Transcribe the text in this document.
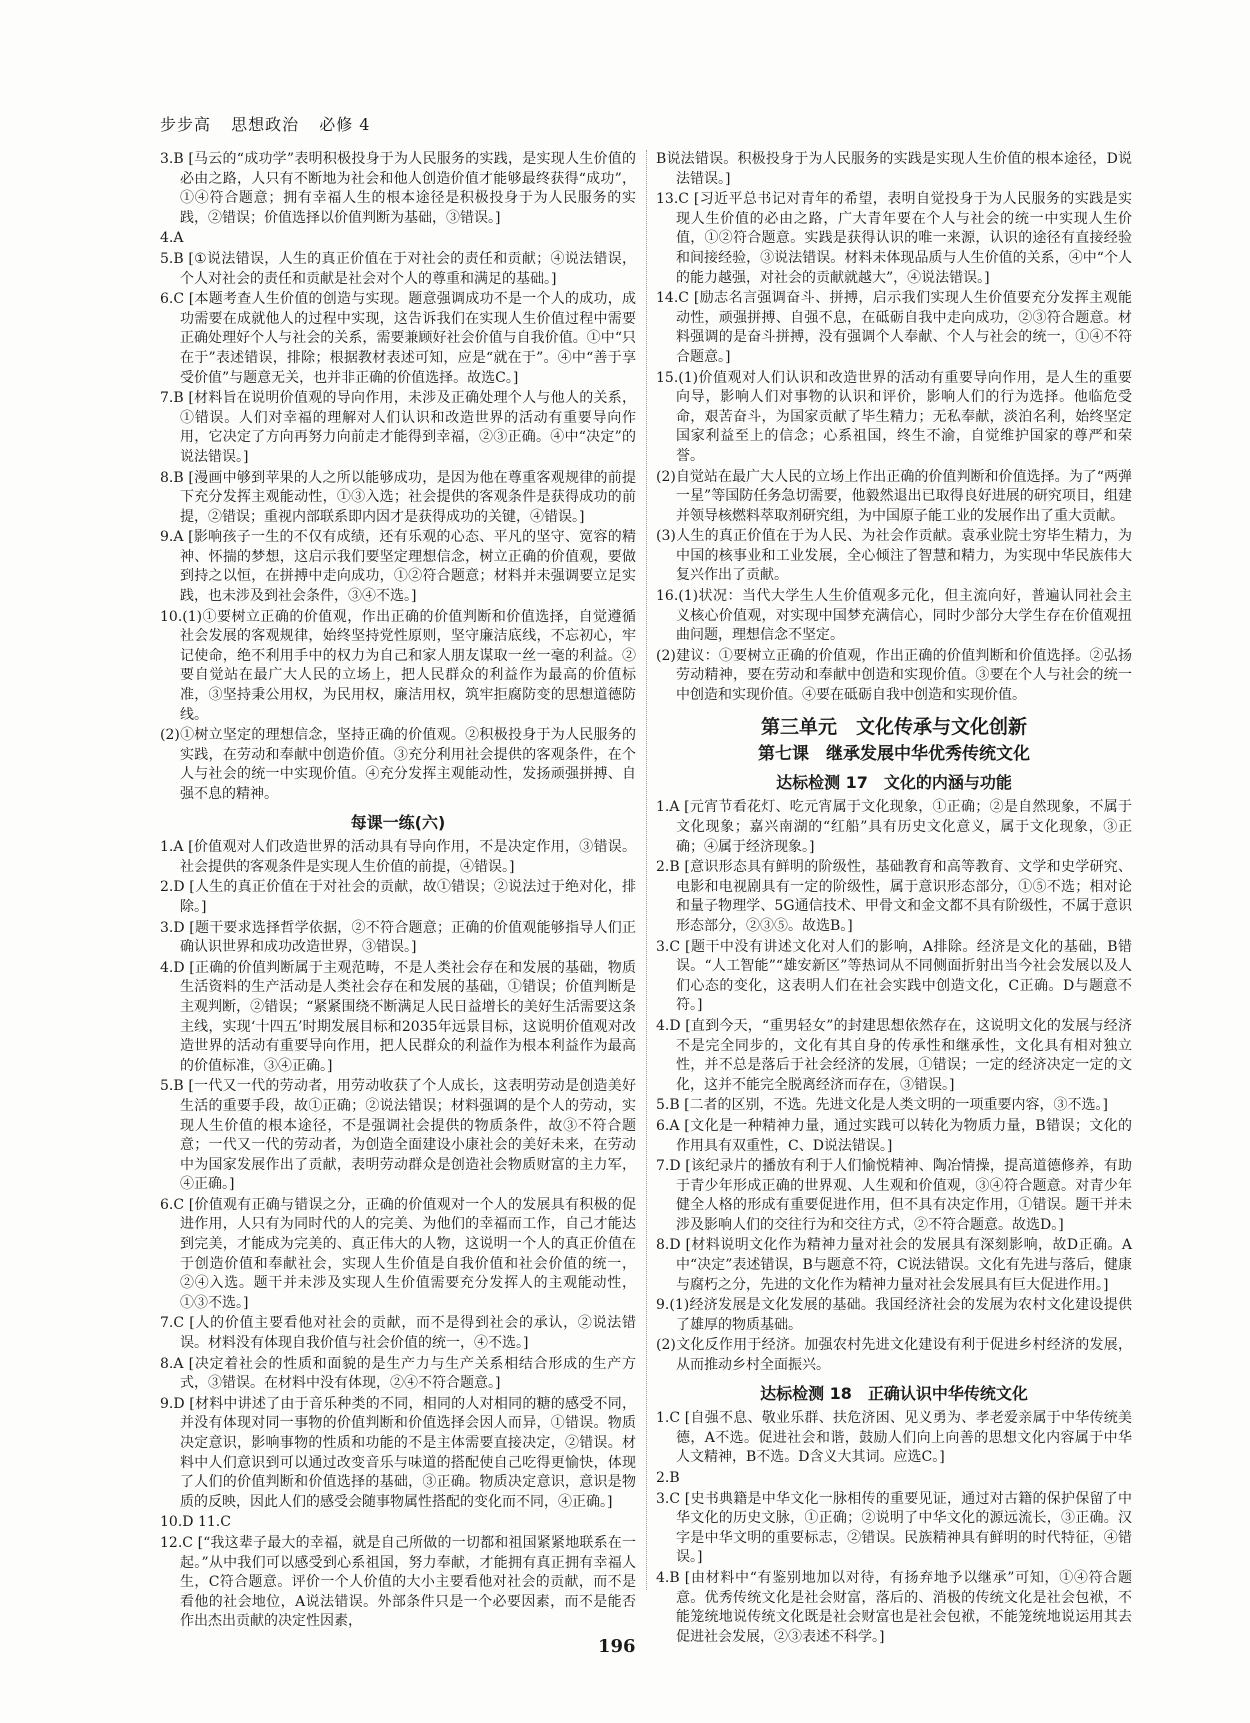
步步高 思想政治 必修 4
3.B [马云的“成功学”表明积极投身于为人民服务的实践，是实现人生价值的必由之路，人只有不断地为社会和他人创造价值才能够最终获得“成功”，①④符合题意；拥有幸福人生的根本途径是积极投身于为人民服务的实践，②错误；价值选择以价值判断为基础，③错误。]
4.A
5.B [①说法错误，人生的真正价值在于对社会的责任和贡献；④说法错误，个人对社会的责任和贡献是社会对个人的尊重和满足的基础。]
6.C [本题考查人生价值的创造与实现。题意强调成功不是一个人的成功，成功需要在成就他人的过程中实现，这告诉我们在实现人生价值过程中需要正确处理好个人与社会的关系，需要兼顾好社会价值与自我价值。①中“只在于”表述错误，排除；根据教材表述可知，应是“就在于”。④中“善于享受价值”与题意无关，也并非正确的价值选择。故选C。]
7.B [材料旨在说明价值观的导向作用，未涉及正确处理个人与他人的关系，①错误。人们对幸福的理解对人们认识和改造世界的活动有重要导向作用，它决定了方向再努力向前走才能得到幸福，②③正确。④中“决定”的说法错误。]
8.B [漫画中够到苹果的人之所以能够成功，是因为他在尊重客观规律的前提下充分发挥主观能动性，①③入选；社会提供的客观条件是获得成功的前提，②错误；重视内部联系即内因才是获得成功的关键，④错误。]
9.A [影响孩子一生的不仅有成绩，还有乐观的心态、平凡的坚守、宽容的精神、怀揣的梦想，这启示我们要坚定理想信念，树立正确的价值观，要做到持之以恒，在拼搏中走向成功，①②符合题意；材料并未强调要立足实践，也未涉及到社会条件，③④不选。]
10.(1)①要树立正确的价值观，作出正确的价值判断和价值选择，自觉遵循社会发展的客观规律，始终坚持党性原则，坚守廉洁底线，不忘初心，牢记使命，绝不利用手中的权力为自己和家人朋友谋取一丝一毫的利益。②要自觉站在最广大人民的立场上，把人民群众的利益作为最高的价值标准，③坚持秉公用权，为民用权，廉洁用权，筑牢拒腐防变的思想道德防线。
(2)①树立坚定的理想信念，坚持正确的价值观。②积极投身于为人民服务的实践，在劳动和奉献中创造价值。③充分利用社会提供的客观条件，在个人与社会的统一中实现价值。④充分发挥主观能动性，发扬顽强拼搏、自强不息的精神。
每课一练(六)
1.A [价值观对人们改造世界的活动具有导向作用，不是决定作用，③错误。社会提供的客观条件是实现人生价值的前提，④错误。]
2.D [人生的真正价值在于对社会的贡献，故①错误；②说法过于绝对化，排除。]
3.D [题干要求选择哲学依据，②不符合题意；正确的价值观能够指导人们正确认识世界和成功改造世界，③错误。]
4.D [正确的价值判断属于主观范畴，不是人类社会存在和发展的基础，物质生活资料的生产活动是人类社会存在和发展的基础，①错误；价值判断是主观判断，②错误；“紧紧围绕不断满足人民日益增长的美好生活需要这条主线，实现‘十四五’时期发展目标和2035年远景目标，这说明价值观对改造世界的活动有重要导向作用，把人民群众的利益作为根本利益作为最高的价值标准，③④正确。]
5.B [一代又一代的劳动者，用劳动收获了个人成长，这表明劳动是创造美好生活的重要手段，故①正确；②说法错误；材料强调的是个人的劳动，实现人生价值的根本途径，不是强调社会提供的物质条件，故③不符合题意；一代又一代的劳动者，为创造全面建设小康社会的美好未来，在劳动中为国家发展作出了贡献，表明劳动群众是创造社会物质财富的主力军，④正确。]
6.C [价值观有正确与错误之分，正确的价值观对一个人的发展具有积极的促进作用，人只有为同时代的人的完美、为他们的幸福而工作，自己才能达到完美，才能成为完美的、真正伟大的人物，这说明一个人的真正价值在于创造价值和奉献社会，实现人生价值是自我价值和社会价值的统一，②④入选。题干并未涉及实现人生价值需要充分发挥人的主观能动性，①③不选。]
7.C [人的价值主要看他对社会的贡献，而不是得到社会的承认，②说法错误。材料没有体现自我价值与社会价值的统一，④不选。]
8.A [决定着社会的性质和面貌的是生产力与生产关系相结合形成的生产方式，③错误。在材料中没有体现，②④不符合题意。]
9.D [材料中讲述了由于音乐种类的不同，相同的人对相同的糖的感受不同，并没有体现对同一事物的价值判断和价值选择会因人而异，①错误。物质决定意识，影响事物的性质和功能的不是主体需要直接决定，②错误。材料中人们意识到可以通过改变音乐与味道的搭配使自己吃得更愉快，体现了人们的价值判断和价值选择的基础，③正确。物质决定意识，意识是物质的反映，因此人们的感受会随事物属性搭配的变化而不同，④正确。]
10.D 11.C
12.C [“我这辈子最大的幸福，就是自己所做的一切都和祖国紧紧地联系在一起。”从中我们可以感受到心系祖国，努力奉献，才能拥有真正拥有幸福人生，C符合题意。评价一个人价值的大小主要看他对社会的贡献，而不是看他的社会地位，A说法错误。外部条件只是一个必要因素，而不是能否作出杰出贡献的决定性因素，
B说法错误。积极投身于为人民服务的实践是实现人生价值的根本途径，D说法错误。]
13.C [习近平总书记对青年的希望，表明自觉投身于为人民服务的实践是实现人生价值的必由之路，广大青年要在个人与社会的统一中实现人生价值，①②符合题意。实践是获得认识的唯一来源，认识的途径有直接经验和间接经验，③说法错误。材料未体现品质与人生价值的关系，④中“个人的能力越强，对社会的贡献就越大”，④说法错误。]
14.C [励志名言强调奋斗、拼搏，启示我们实现人生价值要充分发挥主观能动性，顽强拼搏、自强不息，在砥砺自我中走向成功，②③符合题意。材料强调的是奋斗拼搏，没有强调个人奉献、个人与社会的统一，①④不符合题意。]
15.(1)价值观对人们认识和改造世界的活动有重要导向作用，是人生的重要向导，影响人们对事物的认识和评价，影响人们的行为选择。他临危受命，艰苦奋斗，为国家贡献了毕生精力；无私奉献，淡泊名利，始终坚定国家利益至上的信念；心系祖国，终生不渝，自觉维护国家的尊严和荣誉。
(2)自觉站在最广大人民的立场上作出正确的价值判断和价值选择。为了“两弹一星”等国防任务急切需要，他毅然退出已取得良好进展的研究项目，组建并领导核燃料萃取剂研究组，为中国原子能工业的发展作出了重大贡献。
(3)人生的真正价值在于为人民、为社会作贡献。袁承业院士穷毕生精力，为中国的核事业和工业发展，全心倾注了智慧和精力，为实现中华民族伟大复兴作出了贡献。
16.(1)状况：当代大学生人生价值观多元化，但主流向好，普遍认同社会主义核心价值观，对实现中国梦充满信心，同时少部分大学生存在价值观扭曲问题，理想信念不坚定。
(2)建议：①要树立正确的价值观，作出正确的价值判断和价值选择。②弘扬劳动精神，要在劳动和奉献中创造和实现价值。③要在个人与社会的统一中创造和实现价值。④要在砥砺自我中创造和实现价值。
第三单元　文化传承与文化创新
第七课　继承发展中华优秀传统文化
达标检测 17　文化的内涵与功能
1.A [元宵节看花灯、吃元宵属于文化现象，①正确；②是自然现象，不属于文化现象；嘉兴南湖的“红船”具有历史文化意义，属于文化现象，③正确；④属于经济现象。]
2.B [意识形态具有鲜明的阶级性，基础教育和高等教育、文学和史学研究、电影和电视剧具有一定的阶级性，属于意识形态部分，①⑤不选；相对论和量子物理学、5G通信技术、甲骨文和金文都不具有阶级性，不属于意识形态部分，②③⑤。故选B。]
3.C [题干中没有讲述文化对人们的影响，A排除。经济是文化的基础，B错误。“人工智能”“雄安新区”等热词从不同侧面折射出当今社会发展以及人们心态的变化，这表明人们在社会实践中创造文化，C正确。D与题意不符。]
4.D [直到今天，“重男轻女”的封建思想依然存在，这说明文化的发展与经济不是完全同步的，文化有其自身的传承性和继承性，文化具有相对独立性，并不总是落后于社会经济的发展，①错误；一定的经济决定一定的文化，这并不能完全脱离经济而存在，③错误。]
5.B [二者的区别，不选。先进文化是人类文明的一项重要内容，③不选。]
6.A [文化是一种精神力量，通过实践可以转化为物质力量，B错误；文化的作用具有双重性，C、D说法错误。]
7.D [该纪录片的播放有利于人们愉悦精神、陶冶情操，提高道德修养，有助于青少年形成正确的世界观、人生观和价值观，③④符合题意。对青少年健全人格的形成有重要促进作用，但不具有决定作用，①错误。题干并未涉及影响人们的交往行为和交往方式，②不符合题意。故选D。]
8.D [材料说明文化作为精神力量对社会的发展具有深刻影响，故D正确。A中“决定”表述错误，B与题意不符，C说法错误。文化有先进与落后，健康与腐朽之分，先进的文化作为精神力量对社会发展具有巨大促进作用。]
9.(1)经济发展是文化发展的基础。我国经济社会的发展为农村文化建设提供了雄厚的物质基础。
(2)文化反作用于经济。加强农村先进文化建设有利于促进乡村经济的发展，从而推动乡村全面振兴。
达标检测 18　正确认识中华传统文化
1.C [自强不息、敬业乐群、扶危济困、见义勇为、孝老爱亲属于中华传统美德，A不选。促进社会和谐，鼓励人们向上向善的思想文化内容属于中华人文精神，B不选。D含义大其词。应选C。]
2.B
3.C [史书典籍是中华文化一脉相传的重要见证，通过对古籍的保护保留了中华文化的历史文脉，①正确；②说明了中华文化的源远流长，③正确。汉字是中华文明的重要标志，②错误。民族精神具有鲜明的时代特征，④错误。]
4.B [由材料中“有鉴别地加以对待，有扬弃地予以继承”可知，①④符合题意。优秀传统文化是社会财富，落后的、消极的传统文化是社会包袱，不能笼统地说传统文化既是社会财富也是社会包袱，不能笼统地说运用其去促进社会发展，②③表述不科学。]
196
